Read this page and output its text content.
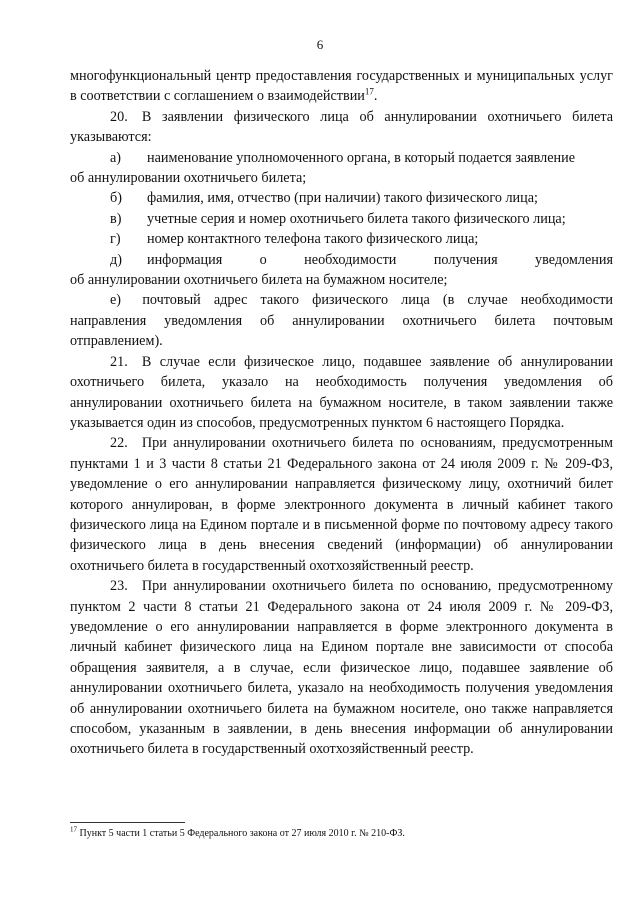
6

многофункциональный центр предоставления государственных и муниципальных услуг в соответствии с соглашением о взаимодействии$^{17}$.

20. В заявлении физического лица об аннулировании охотничьего билета указываются:

а)	наименование уполномоченного органа, в который подается заявление

об аннулировании охотничьего билета;

б)	фамилия, имя, отчество (при наличии) такого физического лица;
в)	учетные серия и номер охотничьего билета такого физического лица;
г)	номер контактного телефона такого физического лица;
д)	информация о необходимости получения уведомления

об аннулировании охотничьего билета на бумажном носителе;

е)   почтовый адрес такого физического лица (в случае необходимости направления уведомления об аннулировании охотничьего билета почтовым отправлением).

21. В случае если физическое лицо, подавшее заявление об аннулировании охотничьего билета, указало на необходимость получения уведомления об аннулировании охотничьего билета на бумажном носителе, в таком заявлении также указывается один из способов, предусмотренных пунктом 6 настоящего Порядка.

22. При аннулировании охотничьего билета по основаниям, предусмотренным пунктами 1 и 3 части 8 статьи 21 Федерального закона от 24 июля 2009 г. № 209-ФЗ, уведомление о его аннулировании направляется физическому лицу, охотничий билет которого аннулирован, в форме электронного документа в личный кабинет такого физического лица на Едином портале и в письменной форме по почтовому адресу такого физического лица в день внесения сведений (информации) об аннулировании охотничьего билета в государственный охотхозяйственный реестр.

23. При аннулировании охотничьего билета по основанию, предусмотренному пунктом 2 части 8 статьи 21 Федерального закона от 24 июля 2009 г. № 209-ФЗ, уведомление о его аннулировании направляется в форме электронного документа в личный кабинет физического лица на Едином портале вне зависимости от способа обращения заявителя, а в случае, если физическое лицо, подавшее заявление об аннулировании охотничьего билета, указало на необходимость получения уведомления об аннулировании охотничьего билета на бумажном носителе, оно также направляется способом, указанным в заявлении, в день внесения информации об аннулировании охотничьего билета в государственный охотхозяйственный реестр.

$^{17}$ Пункт 5 части 1 статьи 5 Федерального закона от 27 июля 2010 г. № 210-ФЗ.
